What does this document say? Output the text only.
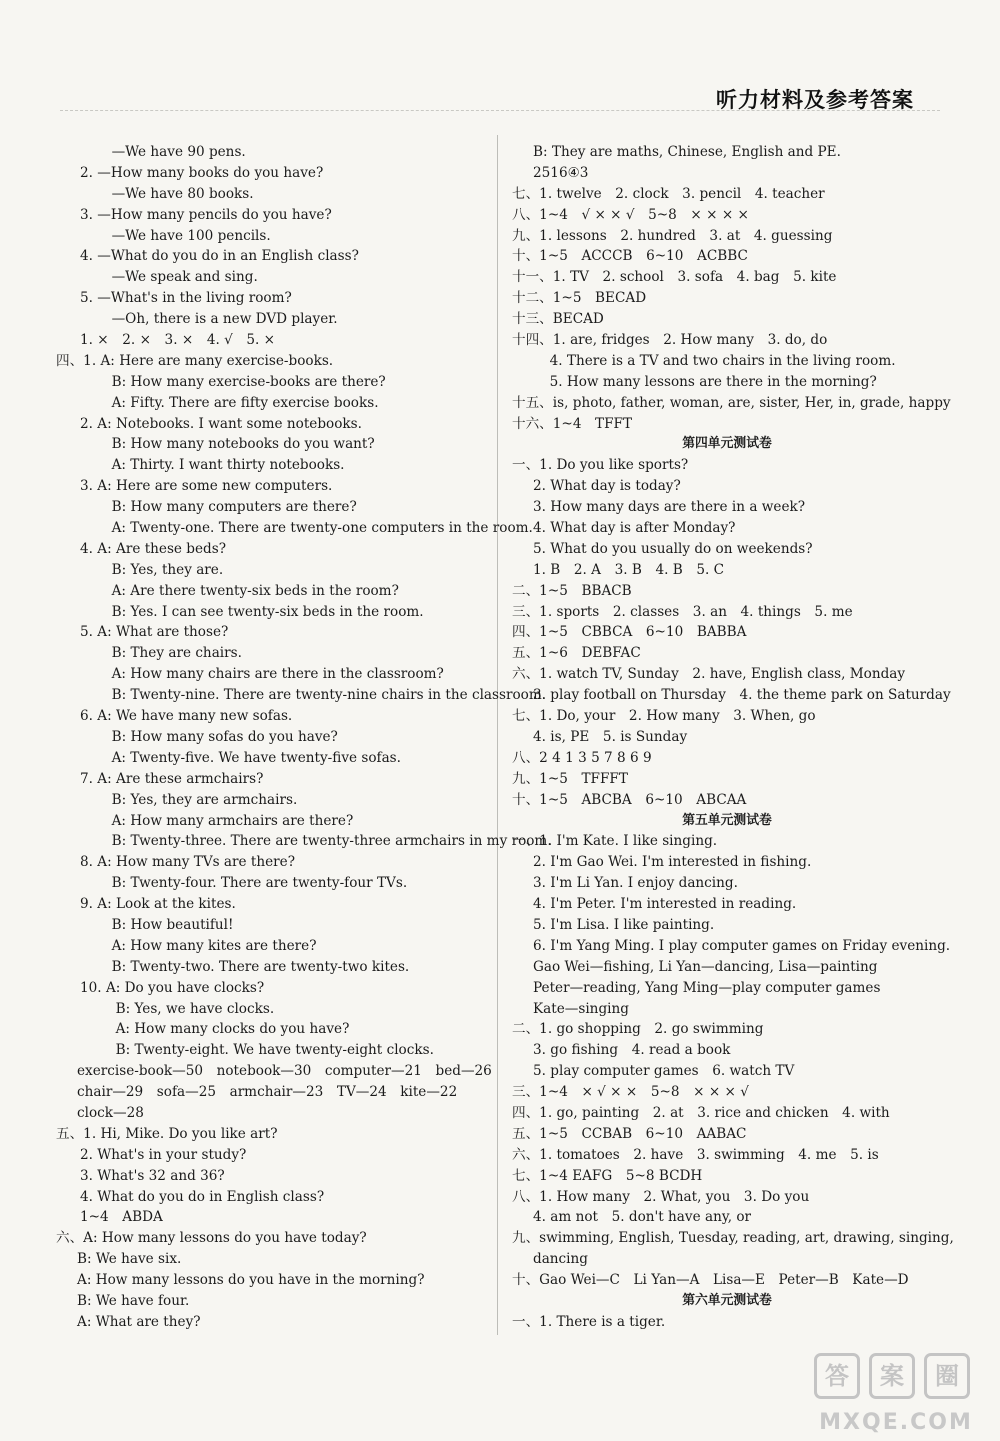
听力材料及参考答案
　—We have 90 pens.
2. —How many books do you have?
　—We have 80 books.
3. —How many pencils do you have?
　—We have 100 pencils.
4. —What do you do in an English class?
　—We speak and sing.
5. —What's in the living room?
　—Oh, there is a new DVD player.
1. ×　2. ×　3. ×　4. √　5. ×
四、1. A: Here are many exercise-books.
　B: How many exercise-books are there?
　A: Fifty. There are fifty exercise books.
2. A: Notebooks. I want some notebooks.
　B: How many notebooks do you want?
　A: Thirty. I want thirty notebooks.
3. A: Here are some new computers.
　B: How many computers are there?
　A: Twenty-one. There are twenty-one computers in the room.
4. A: Are these beds?
　B: Yes, they are.
　A: Are there twenty-six beds in the room?
　B: Yes. I can see twenty-six beds in the room.
5. A: What are those?
　B: They are chairs.
　A: How many chairs are there in the classroom?
　B: Twenty-nine. There are twenty-nine chairs in the classroom.
6. A: We have many new sofas.
　B: How many sofas do you have?
　A: Twenty-five. We have twenty-five sofas.
7. A: Are these armchairs?
　B: Yes, they are armchairs.
　A: How many armchairs are there?
　B: Twenty-three. There are twenty-three armchairs in my room.
8. A: How many TVs are there?
　B: Twenty-four. There are twenty-four TVs.
9. A: Look at the kites.
　B: How beautiful!
　A: How many kites are there?
　B: Twenty-two. There are twenty-two kites.
10. A: Do you have clocks?
　B: Yes, we have clocks.
　A: How many clocks do you have?
　B: Twenty-eight. We have twenty-eight clocks.
exercise-book—50　notebook—30　computer—21　bed—26
chair—29　sofa—25　armchair—23　TV—24　kite—22
clock—28
五、1. Hi, Mike. Do you like art?
2. What's in your study?
3. What's 32 and 36?
4. What do you do in English class?
1~4　ABDA
六、A: How many lessons do you have today?
B: We have six.
A: How many lessons do you have in the morning?
B: We have four.
A: What are they?
B: They are maths, Chinese, English and PE.
2516④3
七、1. twelve　2. clock　3. pencil　4. teacher
八、1~4　√ × × √　5~8　× × × ×
九、1. lessons　2. hundred　3. at　4. guessing
十、1~5　ACCCB　6~10　ACBBC
十一、1. TV　2. school　3. sofa　4. bag　5. kite
十二、1~5　BECAD
十三、BECAD
十四、1. are, fridges　2. How many　3. do, do
　4. There is a TV and two chairs in the living room.
　5. How many lessons are there in the morning?
十五、is, photo, father, woman, are, sister, Her, in, grade, happy
十六、1~4　TFFT
第四单元测试卷
一、1. Do you like sports?
2. What day is today?
3. How many days are there in a week?
4. What day is after Monday?
5. What do you usually do on weekends?
1. B　2. A　3. B　4. B　5. C
二、1~5　BBACB
三、1. sports　2. classes　3. an　4. things　5. me
四、1~5　CBBCA　6~10　BABBA
五、1~6　DEBFAC
六、1. watch TV, Sunday　2. have, English class, Monday
3. play football on Thursday　4. the theme park on Saturday
七、1. Do, your　2. How many　3. When, go
4. is, PE　5. is Sunday
八、2 4 1 3 5 7 8 6 9
九、1~5　TFFFT
十、1~5　ABCBA　6~10　ABCAA
第五单元测试卷
一、1. I'm Kate. I like singing.
2. I'm Gao Wei. I'm interested in fishing.
3. I'm Li Yan. I enjoy dancing.
4. I'm Peter. I'm interested in reading.
5. I'm Lisa. I like painting.
6. I'm Yang Ming. I play computer games on Friday evening.
Gao Wei—fishing, Li Yan—dancing, Lisa—painting
Peter—reading, Yang Ming—play computer games
Kate—singing
二、1. go shopping　2. go swimming
3. go fishing　4. read a book
5. play computer games　6. watch TV
三、1~4　× √ × ×　5~8　× × × √
四、1. go, painting　2. at　3. rice and chicken　4. with
五、1~5　CCBAB　6~10　AABAC
六、1. tomatoes　2. have　3. swimming　4. me　5. is
七、1~4 EAFG　5~8 BCDH
八、1. How many　2. What, you　3. Do you
4. am not　5. don't have any, or
九、swimming, English, Tuesday, reading, art, drawing, singing,
dancing
十、Gao Wei—C　Li Yan—A　Lisa—E　Peter—B　Kate—D
第六单元测试卷
一、1. There is a tiger.
答	案	圈
MXQE.COM
